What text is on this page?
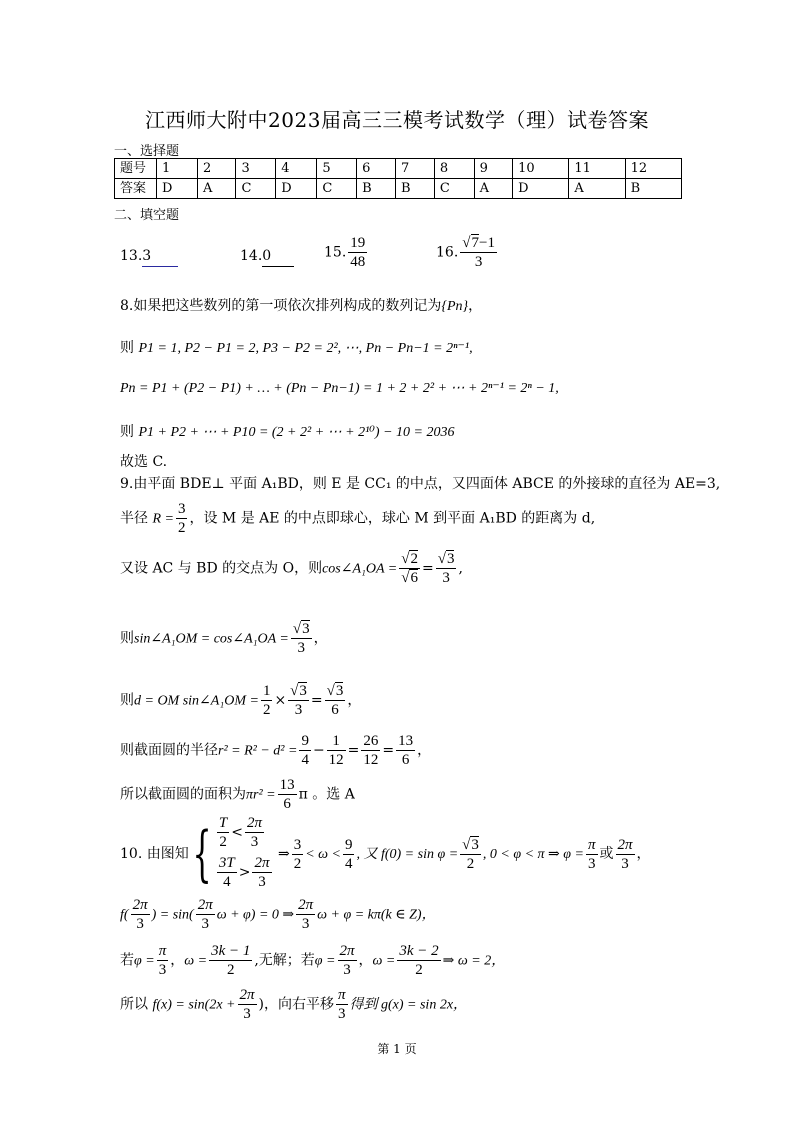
江西师大附中2023届高三三模考试数学（理）试卷答案
一、选择题
题号	1	2	3	4	5	6	7	8	9	10	11	12
答案	D	A	C	D	C	B	B	C	A	D	A	B
二、填空题
13.3	14.0	15. $\frac{19}{48}$	16. $\frac{√7-1}{3}$
8.如果把这些数列的第一项依次排列构成的数列记为{Pn}，
则 P1 = 1, P2 − P1 = 2, P3 − P2 = 2², ⋯, Pn − Pn−1 = 2ⁿ⁻¹,
Pn = P1 + (P2 − P1) + … + (Pn − Pn−1) = 1 + 2 + 2² + ⋯ + 2ⁿ⁻¹ = 2ⁿ − 1,
则 P1 + P2 + ⋯ + P10 = (2 + 2² + ⋯ + 2¹⁰) − 10 = 2036
故选 C.
9.由平面 BDE⊥ 平面 A₁BD，则 E 是 CC₁ 的中点，又四面体 ABCE 的外接球的直径为 AE=3,
半径 $R = \frac{3}{2}$ ，设 M 是 AE 的中点即球心，球心 M 到平面 A₁BD 的距离为 d,
又设 AC 与 BD 的交点为 O，则cos∠A₁OA = $\frac{√2}{√6} = \frac{√3}{3}$ ,
则sin∠A₁OM = cos∠A₁OA = $\frac{√3}{3}$ ，
则d = OM sin∠A₁OM = $\frac{1}{2} \times \frac{√3}{3} = \frac{√3}{6}$ ，
则截面圆的半径$r^2 = R^2 - d^2 = \frac{9}{4} - \frac{1}{12} = \frac{26}{12} = \frac{13}{6}$ ，
所以截面圆的面积为$\pi r^2 = \frac{13}{6}$ π 。选 A
10. 由图知{ $\frac{T}{2} < \frac{2\pi}{3}$
$\frac{3T}{4} > \frac{2\pi}{3}$ ⇒ $\frac{3}{2} < \omega < \frac{9}{4}$ , 又 $f(0) = \sin \varphi = \frac{√3}{2}$ , 0 < φ < π ⇒ $\varphi = \frac{\pi}{3}$ 或 $\frac{2\pi}{3}$ ，
$f( \frac{2\pi}{3}$ ) = $\sin( \frac{2\pi}{3}$ ω + φ) = 0 ⇒ $\frac{2\pi}{3}$ ω + φ = kπ(k ∈ Z)，
若$\varphi = \frac{\pi}{3}$ ，$\omega = \frac{3k - 1}{2}$ ,无解；若$\varphi = \frac{2\pi}{3}$ ，$\omega = \frac{3k - 2}{2}$ ⇒ ω = 2，
所以 $f(x) = \sin(2x + \frac{2\pi}{3}$ )，向右平移 $\frac{\pi}{3}$ 得到 g(x) = sin 2x，
第 1 页
